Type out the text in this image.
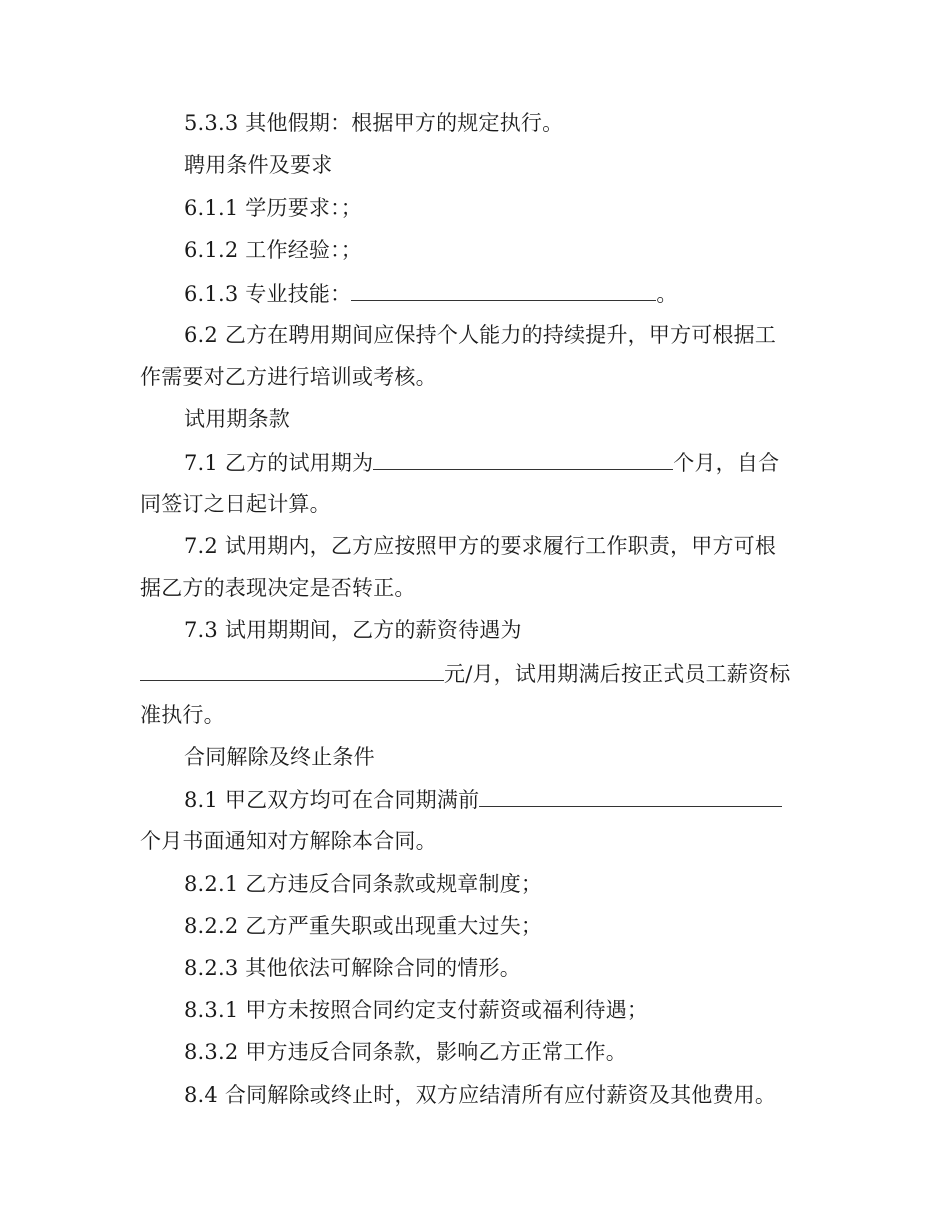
5.3.3 其他假期：根据甲方的规定执行。
聘用条件及要求
6.1.1 学历要求：；
6.1.2 工作经验：；
6.1.3 专业技能：	。
6.2 乙方在聘用期间应保持个人能力的持续提升，甲方可根据工
作需要对乙方进行培训或考核。
试用期条款
7.1 乙方的试用期为	个月，自合
同签订之日起计算。
7.2 试用期内，乙方应按照甲方的要求履行工作职责，甲方可根
据乙方的表现决定是否转正。
7.3 试用期期间，乙方的薪资待遇为
元/月，试用期满后按正式员工薪资标
准执行。
合同解除及终止条件
8.1 甲乙双方均可在合同期满前
个月书面通知对方解除本合同。
8.2.1 乙方违反合同条款或规章制度；
8.2.2 乙方严重失职或出现重大过失；
8.2.3 其他依法可解除合同的情形。
8.3.1 甲方未按照合同约定支付薪资或福利待遇；
8.3.2 甲方违反合同条款，影响乙方正常工作。
8.4 合同解除或终止时，双方应结清所有应付薪资及其他费用。
